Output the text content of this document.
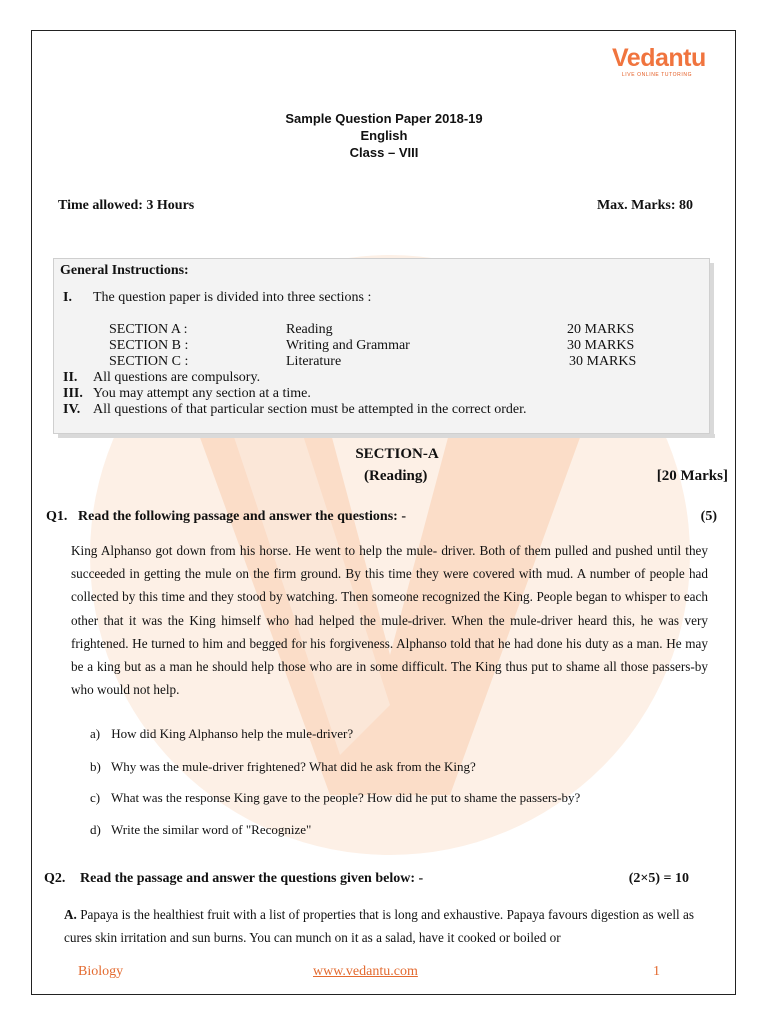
Vedantu
LIVE ONLINE TUTORING
Sample Question Paper 2018-19
English
Class – VIII
Time allowed: 3 Hours	Max. Marks: 80
General Instructions:
I. The question paper is divided into three sections :
SECTION A :	Reading	20 MARKS
SECTION B :	Writing and Grammar	30 MARKS
SECTION C :	Literature	30 MARKS
II. All questions are compulsory.
III. You may attempt any section at a time.
IV. All questions of that particular section must be attempted in the correct order.
SECTION-A
(Reading)	[20 Marks]
Q1. Read the following passage and answer the questions: -	(5)
King Alphanso got down from his horse. He went to help the mule- driver. Both of them pulled and pushed until they succeeded in getting the mule on the firm ground. By this time they were covered with mud. A number of people had collected by this time and they stood by watching. Then someone recognized the King. People began to whisper to each other that it was the King himself who had helped the mule-driver. When the mule-driver heard this, he was very frightened. He turned to him and begged for his forgiveness. Alphanso told that he had done his duty as a man. He may be a king but as a man he should help those who are in some difficult. The King thus put to shame all those passers-by who would not help.
a) How did King Alphanso help the mule-driver?
b) Why was the mule-driver frightened? What did he ask from the King?
c) What was the response King gave to the people? How did he put to shame the passers-by?
d) Write the similar word of "Recognize"
Q2. Read the passage and answer the questions given below: -	(2×5) = 10
A. Papaya is the healthiest fruit with a list of properties that is long and exhaustive. Papaya favours digestion as well as cures skin irritation and sun burns. You can munch on it as a salad, have it cooked or boiled or
Biology	www.vedantu.com	1
